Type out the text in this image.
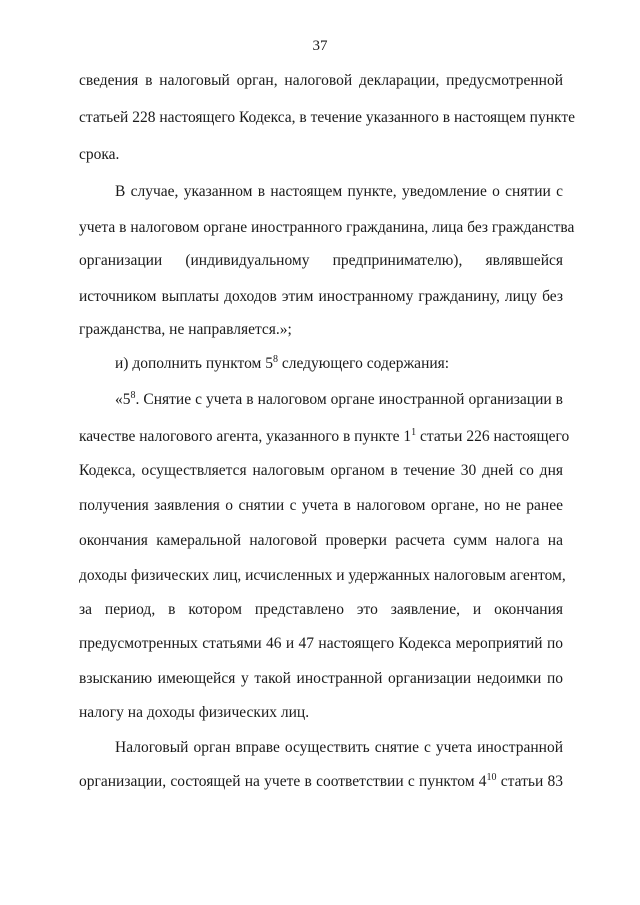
37
сведения в налоговый орган, налоговой декларации, предусмотренной
статьей 228 настоящего Кодекса, в течение указанного в настоящем пункте
срока.
В случае, указанном в настоящем пункте, уведомление о снятии с
учета в налоговом органе иностранного гражданина, лица без гражданства
организации (индивидуальному предпринимателю), являвшейся
источником выплаты доходов этим иностранному гражданину, лицу без
гражданства, не направляется.»;
и) дополнить пунктом $5^8$ следующего содержания:
«$5^8$. Снятие с учета в налоговом органе иностранной организации в
качестве налогового агента, указанного в пункте $1^1$ статьи 226 настоящего
Кодекса, осуществляется налоговым органом в течение 30 дней со дня
получения заявления о снятии с учета в налоговом органе, но не ранее
окончания камеральной налоговой проверки расчета сумм налога на
доходы физических лиц, исчисленных и удержанных налоговым агентом,
за период, в котором представлено это заявление, и окончания
предусмотренных статьями 46 и 47 настоящего Кодекса мероприятий по
взысканию имеющейся у такой иностранной организации недоимки по
налогу на доходы физических лиц.
Налоговый орган вправе осуществить снятие с учета иностранной
организации, состоящей на учете в соответствии с пунктом $4^{10}$ статьи 83
